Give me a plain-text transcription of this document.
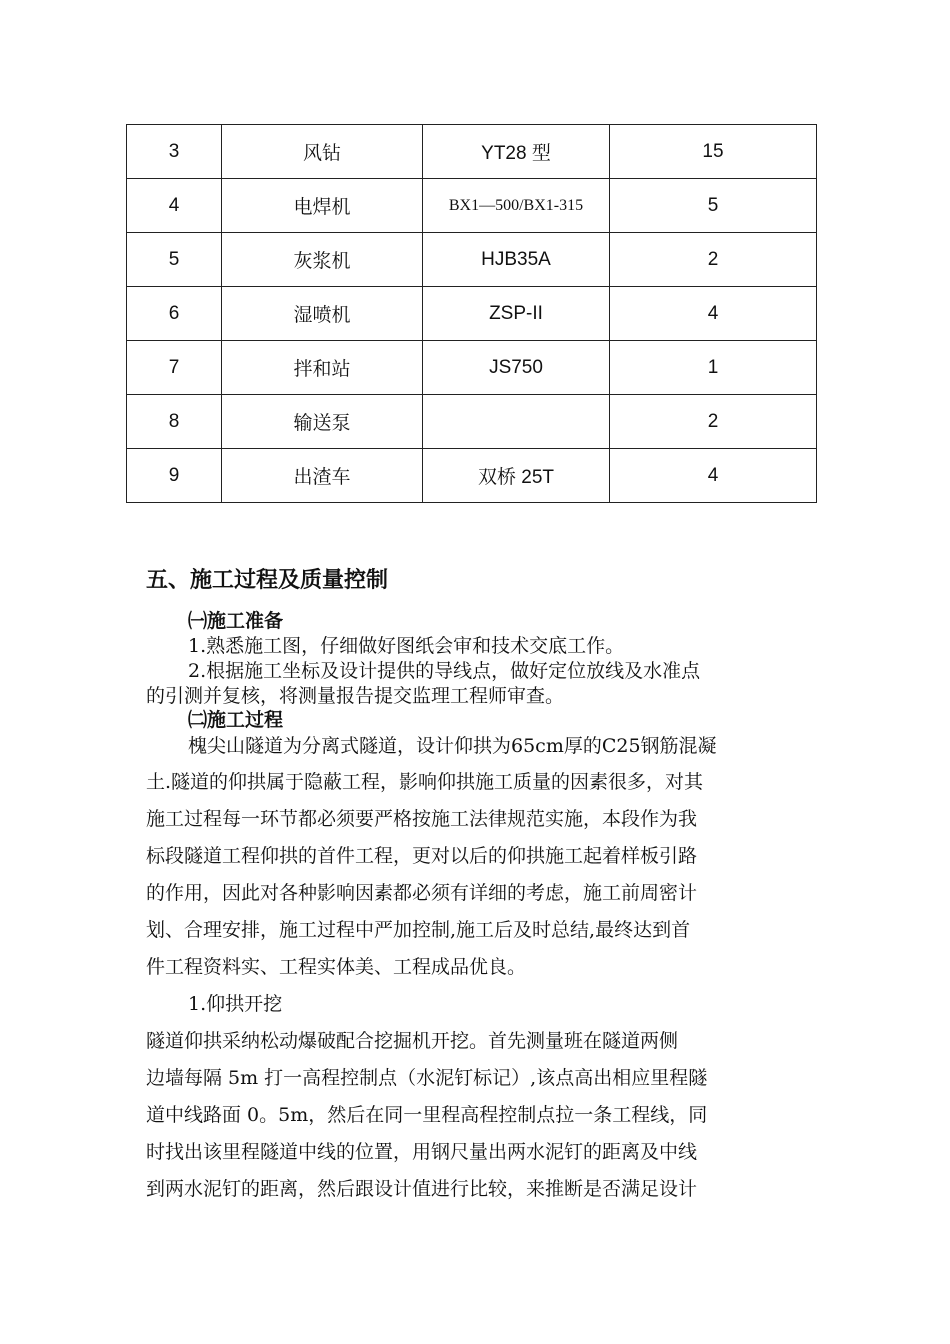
3	风钻	YT28 型	15
4	电焊机	BX1—500/BX1-315	5
5	灰浆机	HJB35A	2
6	湿喷机	ZSP-II	4
7	拌和站	JS750	1
8	输送泵		2
9	出渣车	双桥 25T	4
五、施工过程及质量控制
㈠施工准备
1.熟悉施工图，仔细做好图纸会审和技术交底工作。
2.根据施工坐标及设计提供的导线点，做好定位放线及水准点
的引测并复核，将测量报告提交监理工程师审查。
㈡施工过程
槐尖山隧道为分离式隧道，设计仰拱为65cm厚的C25钢筋混凝
土.隧道的仰拱属于隐蔽工程，影响仰拱施工质量的因素很多，对其
施工过程每一环节都必须要严格按施工法律规范实施，本段作为我
标段隧道工程仰拱的首件工程，更对以后的仰拱施工起着样板引路
的作用，因此对各种影响因素都必须有详细的考虑，施工前周密计
划、合理安排，施工过程中严加控制,施工后及时总结,最终达到首
件工程资料实、工程实体美、工程成品优良。
1.仰拱开挖
隧道仰拱采纳松动爆破配合挖掘机开挖。首先测量班在隧道两侧
边墙每隔 5m 打一高程控制点（水泥钉标记）,该点高出相应里程隧
道中线路面 0。5m，然后在同一里程高程控制点拉一条工程线，同
时找出该里程隧道中线的位置，用钢尺量出两水泥钉的距离及中线
到两水泥钉的距离，然后跟设计值进行比较，来推断是否满足设计
